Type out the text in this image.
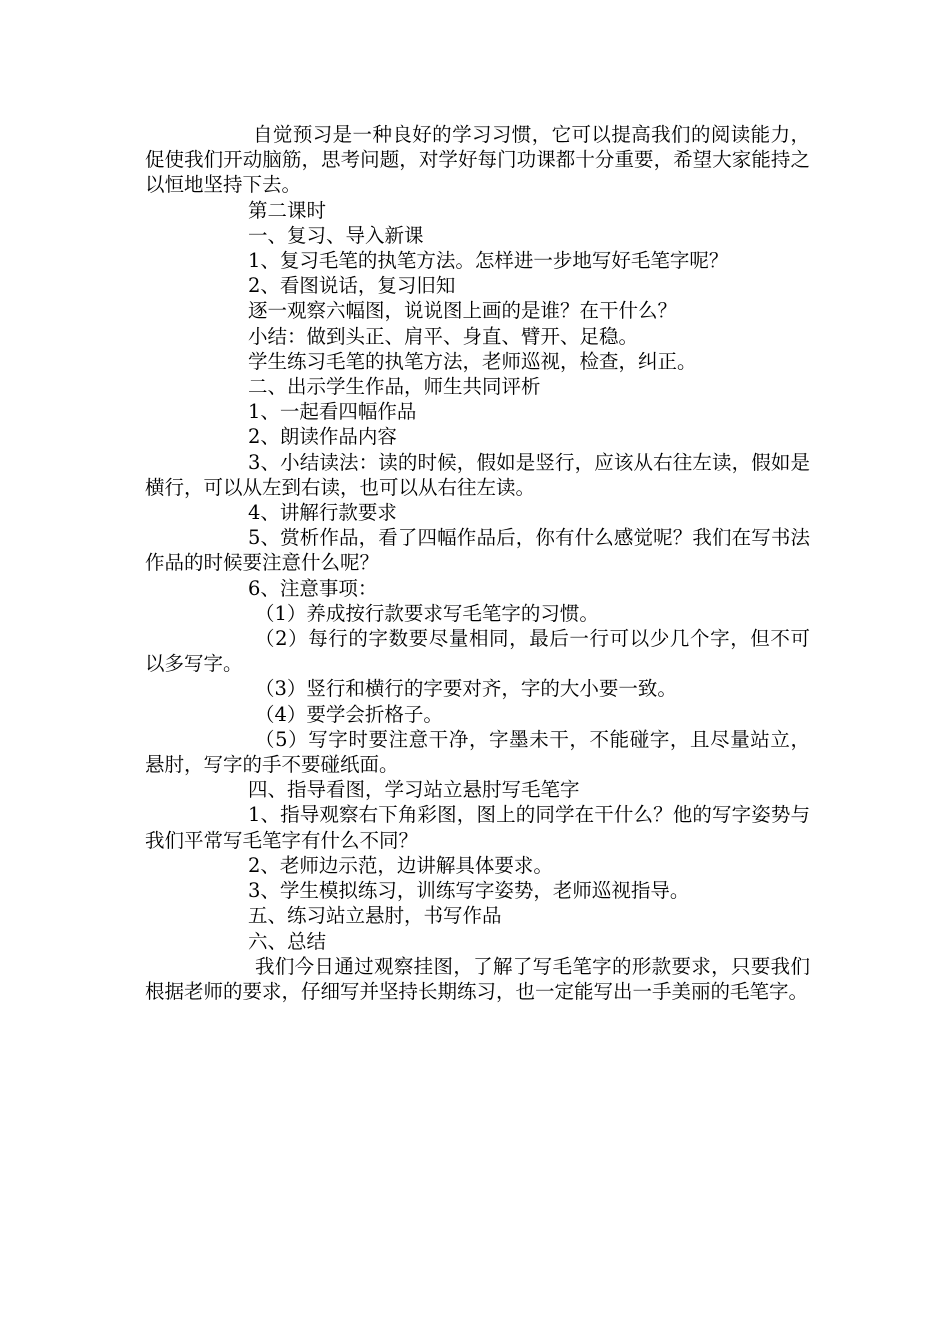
自觉预习是一种良好的学习习惯，它可以提高我们的阅读能力，促使我们开动脑筋，思考问题，对学好每门功课都十分重要，希望大家能持之以恒地坚持下去。

第二课时

一、复习、导入新课

1、复习毛笔的执笔方法。怎样进一步地写好毛笔字呢？

2、看图说话，复习旧知

逐一观察六幅图，说说图上画的是谁？在干什么？

小结：做到头正、肩平、身直、臂开、足稳。

学生练习毛笔的执笔方法，老师巡视，检查，纠正。

二、出示学生作品，师生共同评析

1、一起看四幅作品

2、朗读作品内容

3、小结读法：读的时候，假如是竖行，应该从右往左读，假如是横行，可以从左到右读，也可以从右往左读。

4、讲解行款要求

5、赏析作品，看了四幅作品后，你有什么感觉呢？我们在写书法作品的时候要注意什么呢？

6、注意事项：

（1）养成按行款要求写毛笔字的习惯。

（2）每行的字数要尽量相同，最后一行可以少几个字，但不可以多写字。

（3）竖行和横行的字要对齐，字的大小要一致。

（4）要学会折格子。

（5）写字时要注意干净，字墨未干，不能碰字，且尽量站立，悬肘，写字的手不要碰纸面。

四、指导看图，学习站立悬肘写毛笔字

1、指导观察右下角彩图，图上的同学在干什么？他的写字姿势与我们平常写毛笔字有什么不同？

2、老师边示范，边讲解具体要求。

3、学生模拟练习，训练写字姿势，老师巡视指导。

五、练习站立悬肘，书写作品

六、总结

我们今日通过观察挂图，了解了写毛笔字的形款要求，只要我们根据老师的要求，仔细写并坚持长期练习，也一定能写出一手美丽的毛笔字。
